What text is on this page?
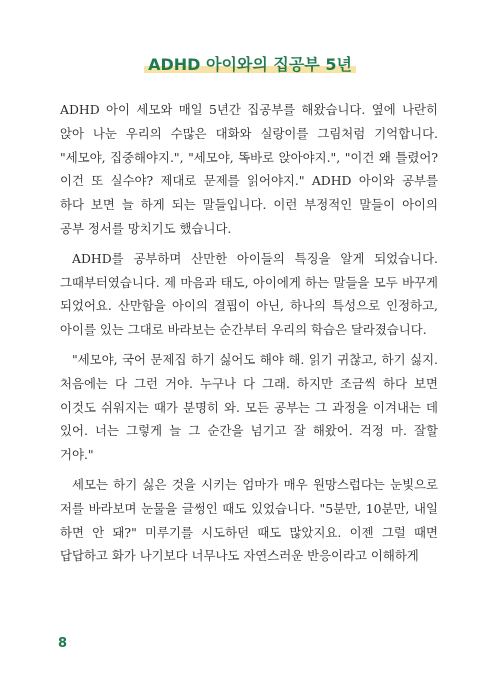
ADHD 아이와의 집공부 5년

ADHD 아이 세모와 매일 5년간 집공부를 해왔습니다. 옆에 나란히 앉아 나눈 우리의 수많은 대화와 실랑이를 그림처럼 기억합니다. "세모야, 집중해야지.", "세모야, 똑바로 앉아야지.", "이건 왜 틀렸어? 이건 또 실수야? 제대로 문제를 읽어야지." ADHD 아이와 공부를 하다 보면 늘 하게 되는 말들입니다. 이런 부정적인 말들이 아이의 공부 정서를 망치기도 했습니다.

ADHD를 공부하며 산만한 아이들의 특징을 알게 되었습니다. 그때부터였습니다. 제 마음과 태도, 아이에게 하는 말들을 모두 바꾸게 되었어요. 산만함을 아이의 결핍이 아닌, 하나의 특성으로 인정하고, 아이를 있는 그대로 바라보는 순간부터 우리의 학습은 달라졌습니다.

"세모야, 국어 문제집 하기 싫어도 해야 해. 읽기 귀찮고, 하기 싫지. 처음에는 다 그런 거야. 누구나 다 그래. 하지만 조금씩 하다 보면 이것도 쉬워지는 때가 분명히 와. 모든 공부는 그 과정을 이겨내는 데 있어. 너는 그렇게 늘 그 순간을 넘기고 잘 해왔어. 걱정 마. 잘할 거야."

세모는 하기 싫은 것을 시키는 엄마가 매우 원망스럽다는 눈빛으로 저를 바라보며 눈물을 글썽인 때도 있었습니다. "5분만, 10분만, 내일 하면 안 돼?" 미루기를 시도하던 때도 많았지요. 이젠 그럴 때면 답답하고 화가 나기보다 너무나도 자연스러운 반응이라고 이해하게

8
